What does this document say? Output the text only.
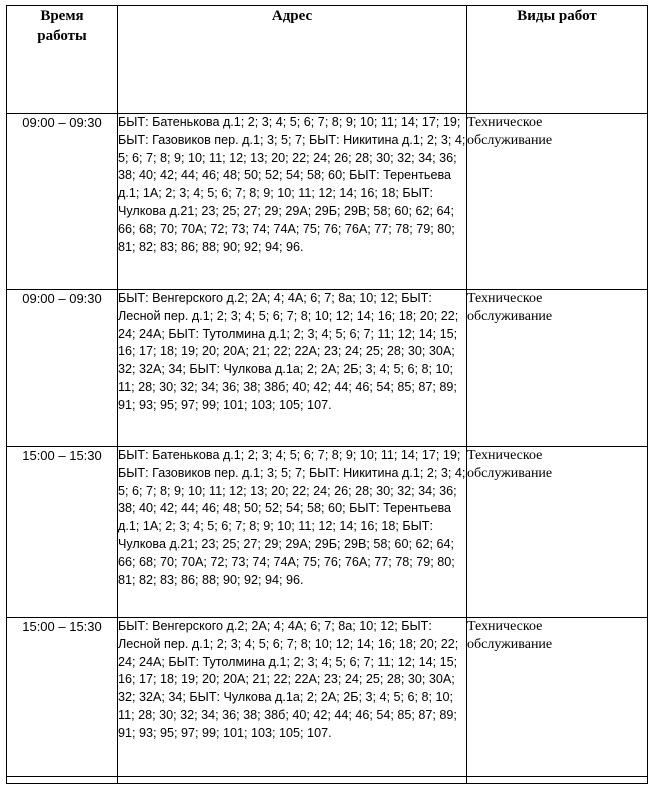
Время работы	Адрес	Виды работ
09:00 – 09:30	БЫТ: Батенькова д.1; 2; 3; 4; 5; 6; 7; 8; 9; 10; 11; 14; 17; 19; БЫТ: Газовиков пер. д.1; 3; 5; 7; БЫТ: Никитина д.1; 2; 3; 4; 5; 6; 7; 8; 9; 10; 11; 12; 13; 20; 22; 24; 26; 28; 30; 32; 34; 36; 38; 40; 42; 44; 46; 48; 50; 52; 54; 58; 60; БЫТ: Терентьева д.1; 1А; 2; 3; 4; 5; 6; 7; 8; 9; 10; 11; 12; 14; 16; 18; БЫТ: Чулкова д.21; 23; 25; 27; 29; 29А; 29Б; 29В; 58; 60; 62; 64; 66; 68; 70; 70А; 72; 73; 74; 74А; 75; 76; 76А; 77; 78; 79; 80; 81; 82; 83; 86; 88; 90; 92; 94; 96.	Техническое обслуживание
09:00 – 09:30	БЫТ: Венгерского д.2; 2А; 4; 4А; 6; 7; 8а; 10; 12; БЫТ: Лесной пер. д.1; 2; 3; 4; 5; 6; 7; 8; 10; 12; 14; 16; 18; 20; 22; 24; 24А; БЫТ: Тутолмина д.1; 2; 3; 4; 5; 6; 7; 11; 12; 14; 15; 16; 17; 18; 19; 20; 20А; 21; 22; 22А; 23; 24; 25; 28; 30; 30А; 32; 32А; 34; БЫТ: Чулкова д.1а; 2; 2А; 2Б; 3; 4; 5; 6; 8; 10; 11; 28; 30; 32; 34; 36; 38; 38б; 40; 42; 44; 46; 54; 85; 87; 89; 91; 93; 95; 97; 99; 101; 103; 105; 107.	Техническое обслуживание
15:00 – 15:30	БЫТ: Батенькова д.1; 2; 3; 4; 5; 6; 7; 8; 9; 10; 11; 14; 17; 19; БЫТ: Газовиков пер. д.1; 3; 5; 7; БЫТ: Никитина д.1; 2; 3; 4; 5; 6; 7; 8; 9; 10; 11; 12; 13; 20; 22; 24; 26; 28; 30; 32; 34; 36; 38; 40; 42; 44; 46; 48; 50; 52; 54; 58; 60; БЫТ: Терентьева д.1; 1А; 2; 3; 4; 5; 6; 7; 8; 9; 10; 11; 12; 14; 16; 18; БЫТ: Чулкова д.21; 23; 25; 27; 29; 29А; 29Б; 29В; 58; 60; 62; 64; 66; 68; 70; 70А; 72; 73; 74; 74А; 75; 76; 76А; 77; 78; 79; 80; 81; 82; 83; 86; 88; 90; 92; 94; 96.	Техническое обслуживание
15:00 – 15:30	БЫТ: Венгерского д.2; 2А; 4; 4А; 6; 7; 8а; 10; 12; БЫТ: Лесной пер. д.1; 2; 3; 4; 5; 6; 7; 8; 10; 12; 14; 16; 18; 20; 22; 24; 24А; БЫТ: Тутолмина д.1; 2; 3; 4; 5; 6; 7; 11; 12; 14; 15; 16; 17; 18; 19; 20; 20А; 21; 22; 22А; 23; 24; 25; 28; 30; 30А; 32; 32А; 34; БЫТ: Чулкова д.1а; 2; 2А; 2Б; 3; 4; 5; 6; 8; 10; 11; 28; 30; 32; 34; 36; 38; 38б; 40; 42; 44; 46; 54; 85; 87; 89; 91; 93; 95; 97; 99; 101; 103; 105; 107.	Техническое обслуживание
